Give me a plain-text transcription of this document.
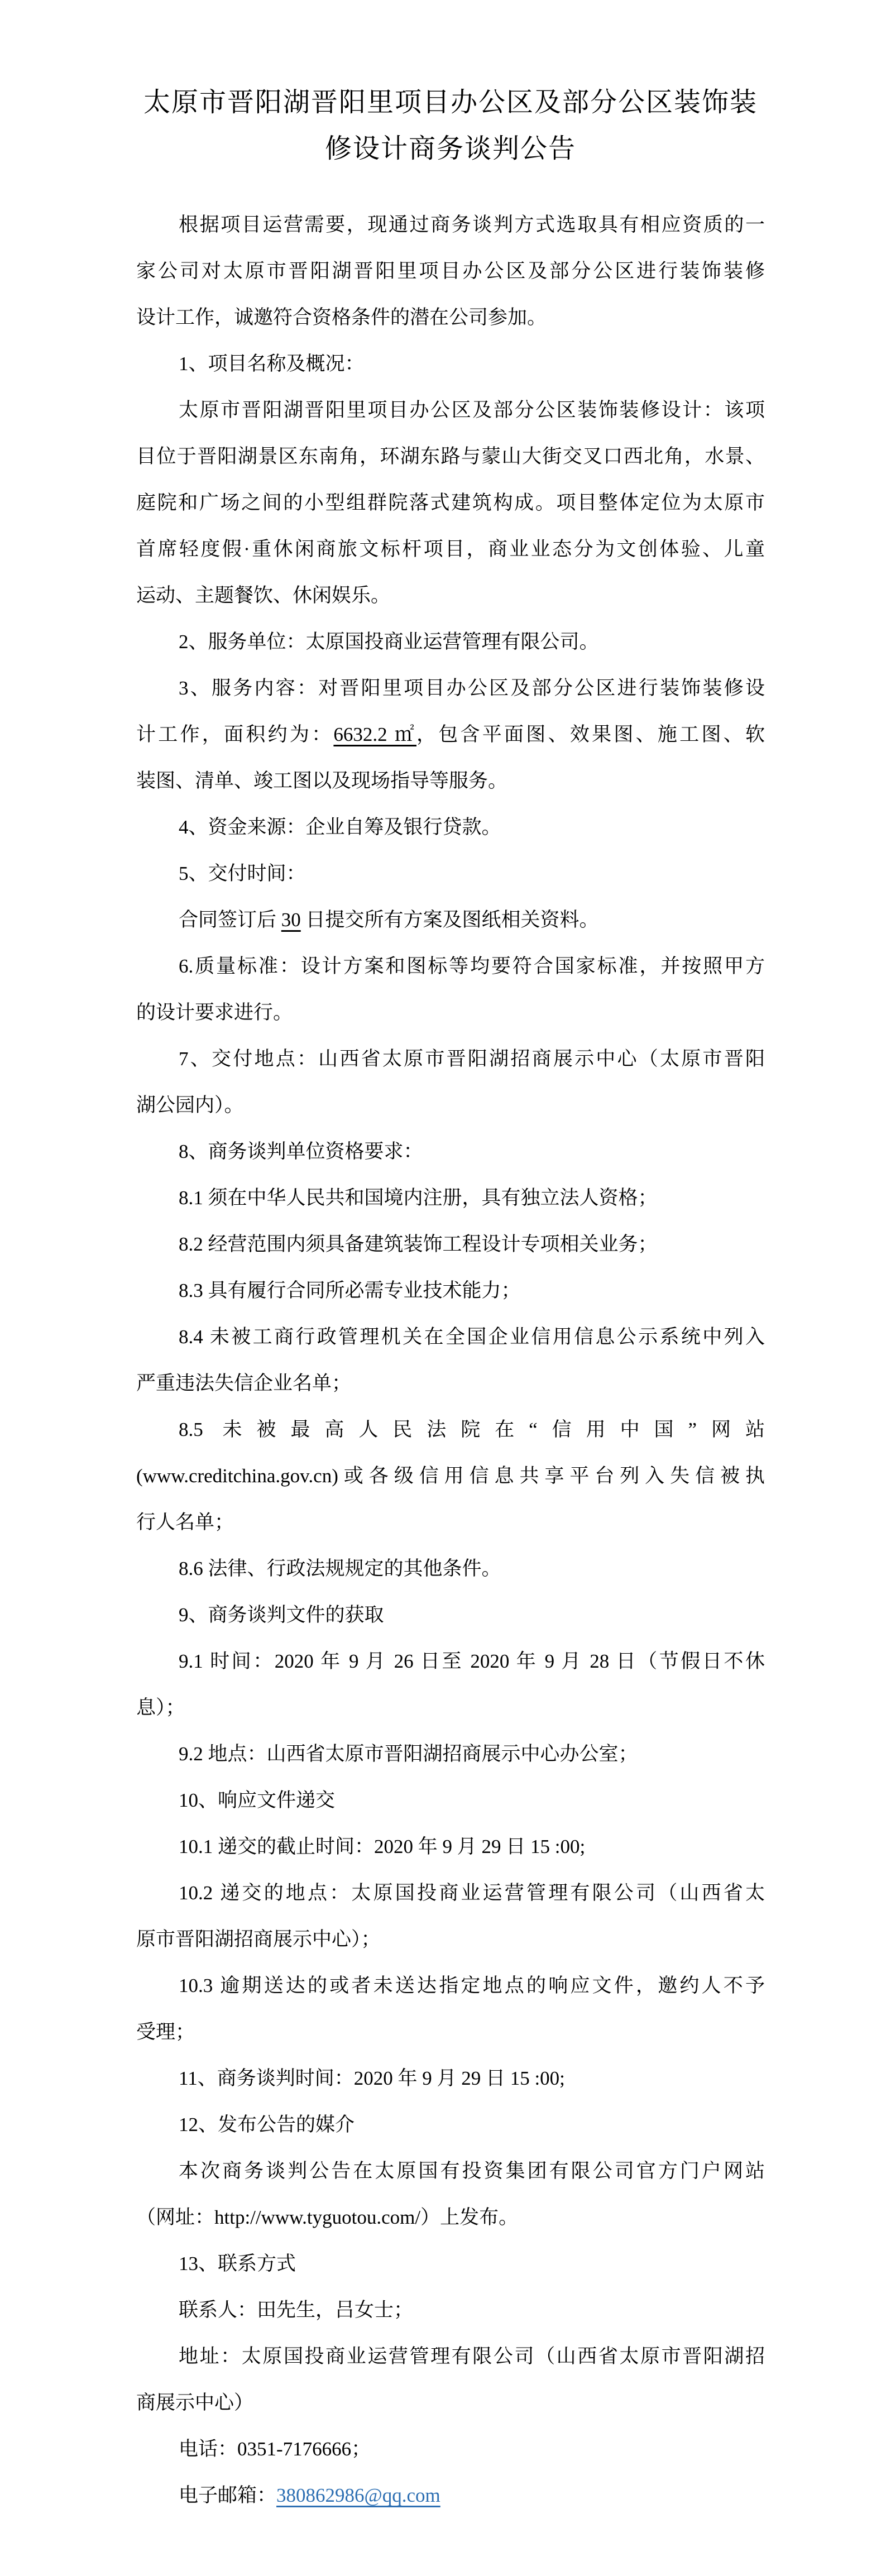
太原市晋阳湖晋阳里项目办公区及部分公区装饰装
修设计商务谈判公告
根据项目运营需要，现通过商务谈判方式选取具有相应资质的一
家公司对太原市晋阳湖晋阳里项目办公区及部分公区进行装饰装修
设计工作，诚邀符合资格条件的潜在公司参加。
1、项目名称及概况：
太原市晋阳湖晋阳里项目办公区及部分公区装饰装修设计：该项
目位于晋阳湖景区东南角，环湖东路与蒙山大街交叉口西北角，水景、
庭院和广场之间的小型组群院落式建筑构成。项目整体定位为太原市
首席轻度假·重休闲商旅文标杆项目，商业业态分为文创体验、儿童
运动、主题餐饮、休闲娱乐。
2、服务单位：太原国投商业运营管理有限公司。
3、服务内容：对晋阳里项目办公区及部分公区进行装饰装修设
计工作，面积约为：6632.2 ㎡，包含平面图、效果图、施工图、软
装图、清单、竣工图以及现场指导等服务。
4、资金来源：企业自筹及银行贷款。
5、交付时间：
合同签订后 30 日提交所有方案及图纸相关资料。
6.质量标准：设计方案和图标等均要符合国家标准，并按照甲方
的设计要求进行。
7、交付地点：山西省太原市晋阳湖招商展示中心（太原市晋阳
湖公园内）。
8、商务谈判单位资格要求：
8.1 须在中华人民共和国境内注册，具有独立法人资格；
8.2 经营范围内须具备建筑装饰工程设计专项相关业务；
8.3 具有履行合同所必需专业技术能力；
8.4 未被工商行政管理机关在全国企业信用信息公示系统中列入
严重违法失信企业名单；
8.5 未被最高人民法院在“信用中国”网站
(www.creditchina.gov.cn)或各级信用信息共享平台列入失信被执
行人名单；
8.6 法律、行政法规规定的其他条件。
9、商务谈判文件的获取
9.1 时间：2020 年 9 月 26 日至 2020 年 9 月 28 日（节假日不休
息）；
9.2 地点：山西省太原市晋阳湖招商展示中心办公室；
10、响应文件递交
10.1 递交的截止时间：2020 年 9 月 29 日 15 :00;
10.2 递交的地点：太原国投商业运营管理有限公司（山西省太
原市晋阳湖招商展示中心）；
10.3 逾期送达的或者未送达指定地点的响应文件，邀约人不予
受理；
11、商务谈判时间：2020 年 9 月 29 日 15 :00;
12、发布公告的媒介
本次商务谈判公告在太原国有投资集团有限公司官方门户网站
（网址：http://www.tyguotou.com/）上发布。
13、联系方式
联系人：田先生，吕女士；
地址：太原国投商业运营管理有限公司（山西省太原市晋阳湖招
商展示中心）
电话：0351-7176666；
电子邮箱：380862986@qq.com
